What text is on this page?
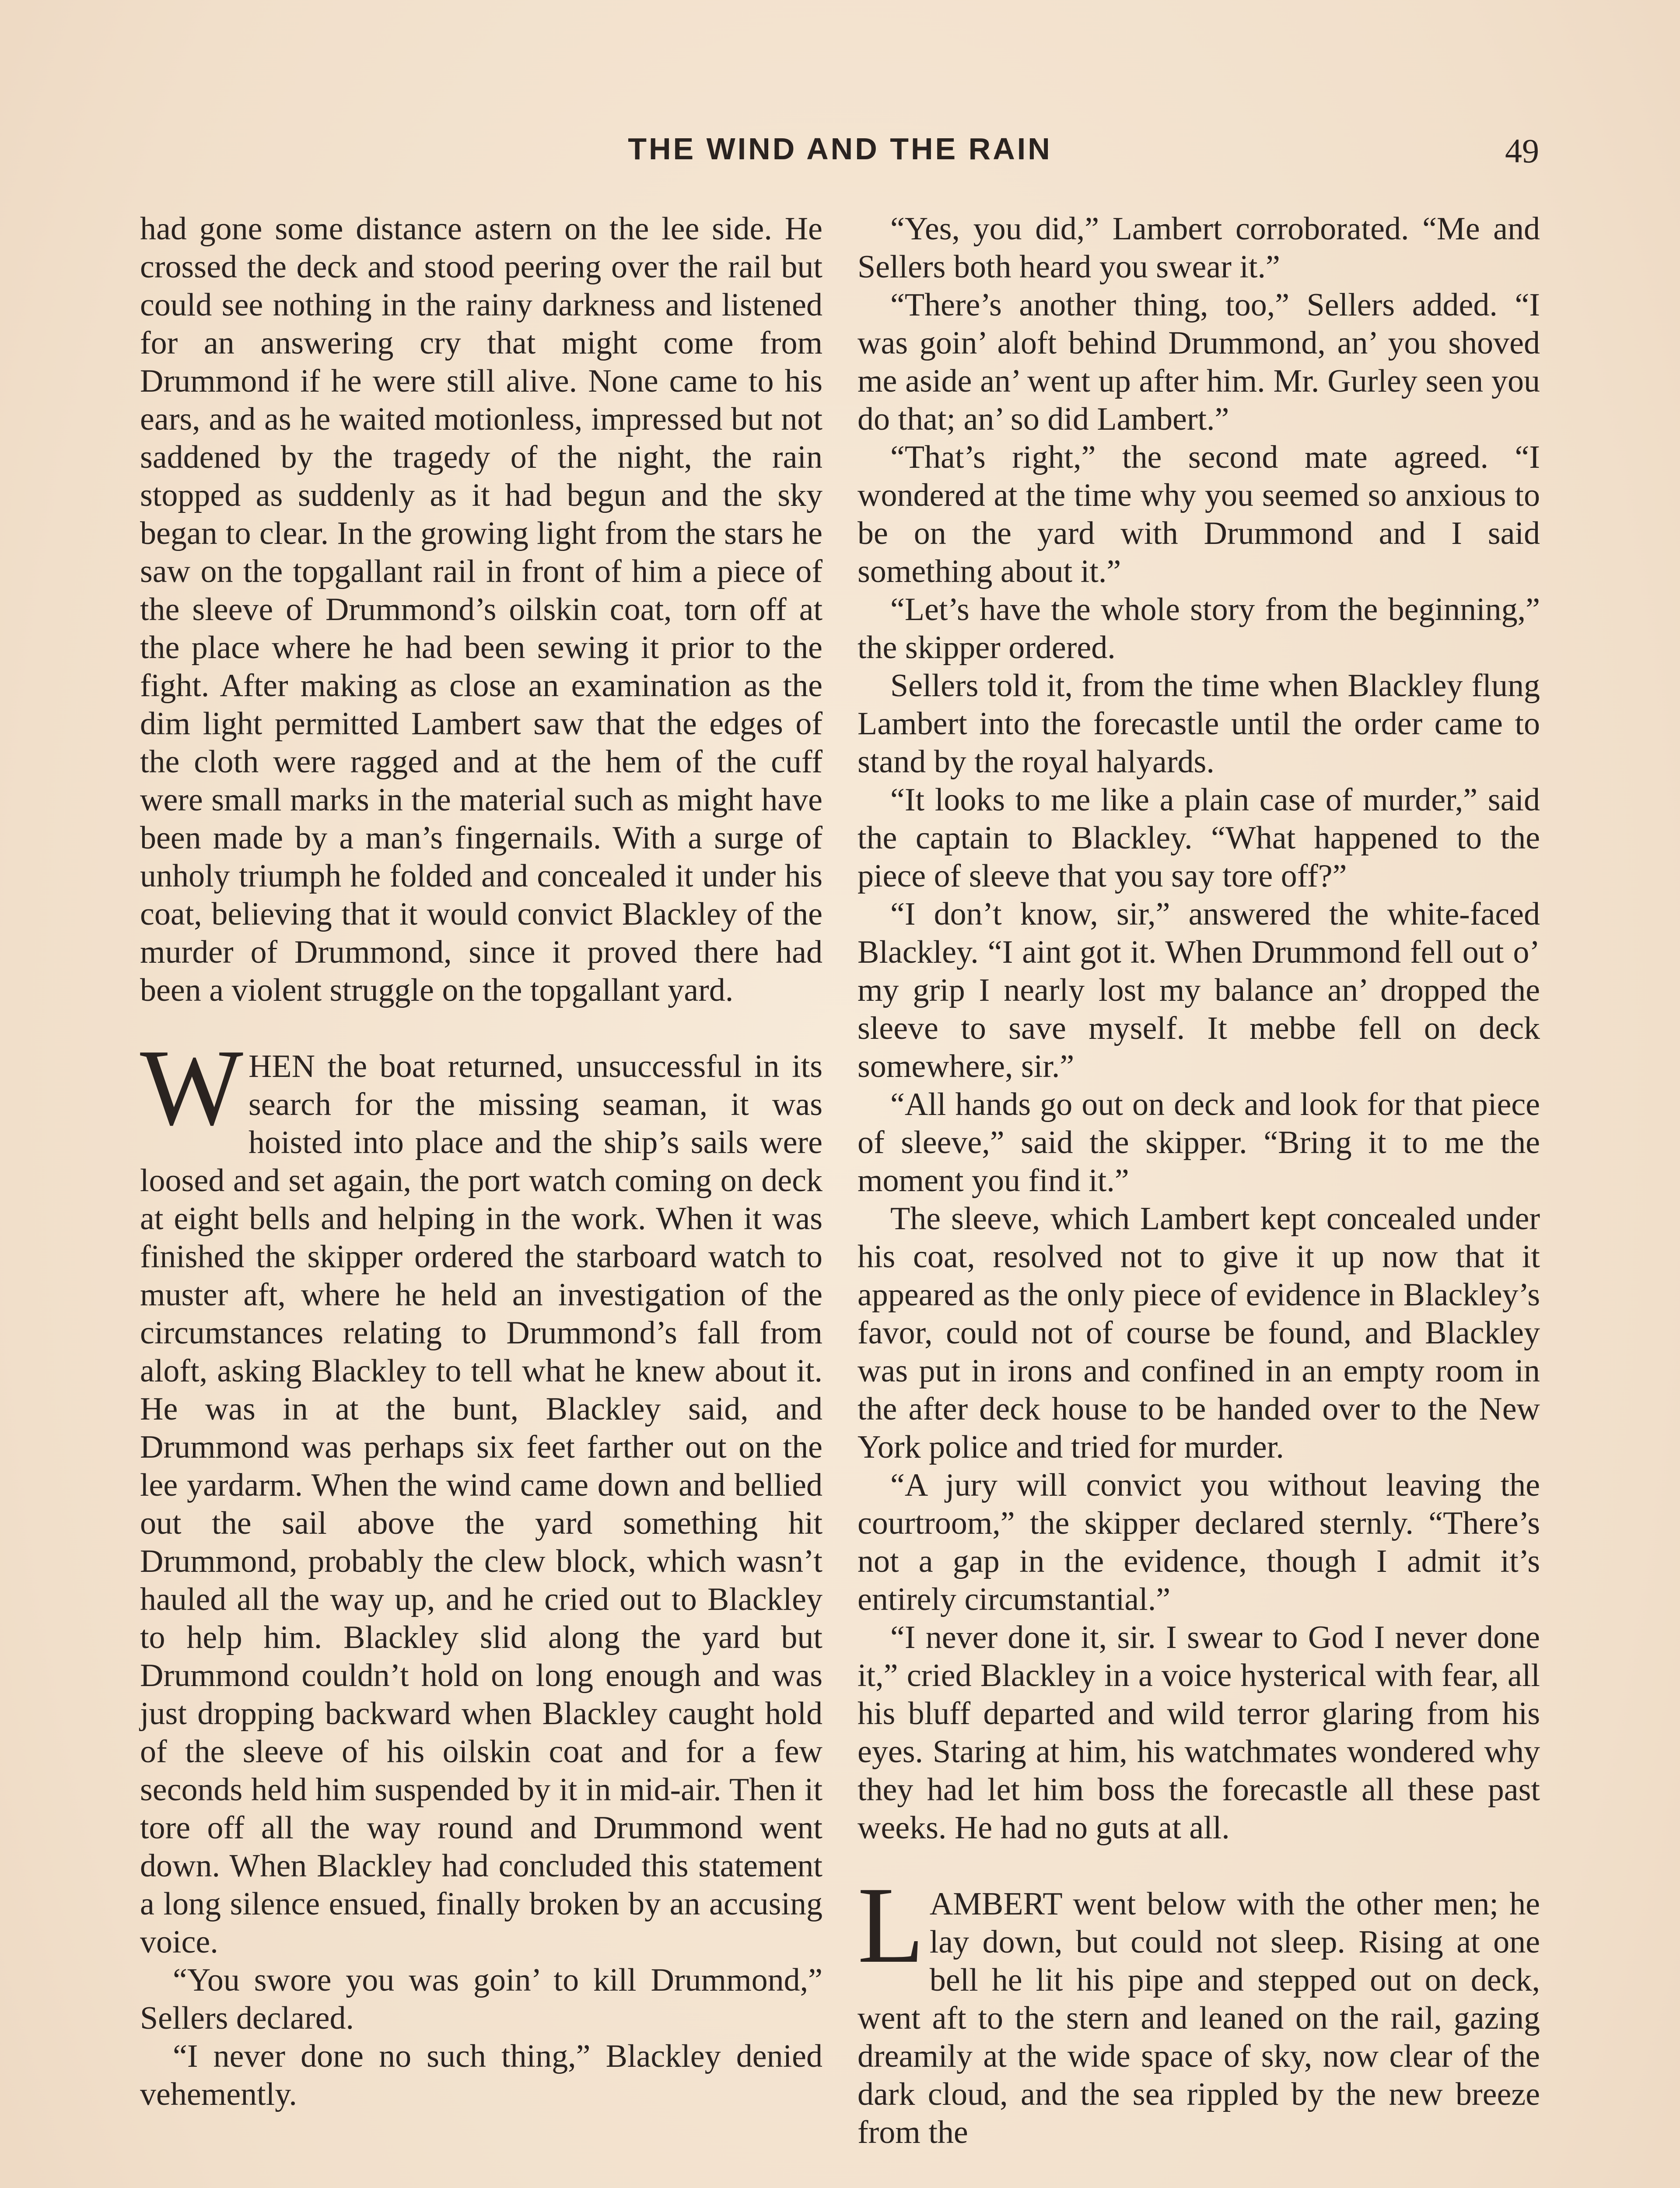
THE WIND AND THE RAIN	49

had gone some distance astern on the lee side. He crossed the deck and stood peering over the rail but could see nothing in the rainy darkness and listened for an answering cry that might come from Drummond if he were still alive. None came to his ears, and as he waited motionless, impressed but not saddened by the tragedy of the night, the rain stopped as suddenly as it had begun and the sky began to clear. In the growing light from the stars he saw on the topgallant rail in front of him a piece of the sleeve of Drummond’s oilskin coat, torn off at the place where he had been sewing it prior to the fight. After making as close an examination as the dim light permitted Lambert saw that the edges of the cloth were ragged and at the hem of the cuff were small marks in the material such as might have been made by a man’s fingernails. With a surge of unholy triumph he folded and concealed it under his coat, believing that it would convict Blackley of the murder of Drummond, since it proved there had been a violent struggle on the topgallant yard.

WHEN the boat returned, unsuccessful in its search for the missing seaman, it was hoisted into place and the ship’s sails were loosed and set again, the port watch coming on deck at eight bells and helping in the work. When it was finished the skipper ordered the starboard watch to muster aft, where he held an investigation of the circumstances relating to Drummond’s fall from aloft, asking Blackley to tell what he knew about it. He was in at the bunt, Blackley said, and Drummond was perhaps six feet farther out on the lee yardarm. When the wind came down and bellied out the sail above the yard something hit Drummond, probably the clew block, which wasn’t hauled all the way up, and he cried out to Blackley to help him. Blackley slid along the yard but Drummond couldn’t hold on long enough and was just dropping backward when Blackley caught hold of the sleeve of his oilskin coat and for a few seconds held him suspended by it in mid-air. Then it tore off all the way round and Drummond went down. When Blackley had concluded this statement a long silence ensued, finally broken by an accusing voice.

“You swore you was goin’ to kill Drummond,” Sellers declared.

“I never done no such thing,” Blackley denied vehemently.

“Yes, you did,” Lambert corroborated. “Me and Sellers both heard you swear it.”

“There’s another thing, too,” Sellers added. “I was goin’ aloft behind Drummond, an’ you shoved me aside an’ went up after him. Mr. Gurley seen you do that; an’ so did Lambert.”

“That’s right,” the second mate agreed. “I wondered at the time why you seemed so anxious to be on the yard with Drummond and I said something about it.”

“Let’s have the whole story from the beginning,” the skipper ordered.

Sellers told it, from the time when Blackley flung Lambert into the forecastle until the order came to stand by the royal halyards.

“It looks to me like a plain case of murder,” said the captain to Blackley. “What happened to the piece of sleeve that you say tore off?”

“I don’t know, sir,” answered the white-faced Blackley. “I aint got it. When Drummond fell out o’ my grip I nearly lost my balance an’ dropped the sleeve to save myself. It mebbe fell on deck somewhere, sir.”

“All hands go out on deck and look for that piece of sleeve,” said the skipper. “Bring it to me the moment you find it.”

The sleeve, which Lambert kept concealed under his coat, resolved not to give it up now that it appeared as the only piece of evidence in Blackley’s favor, could not of course be found, and Blackley was put in irons and confined in an empty room in the after deck house to be handed over to the New York police and tried for murder.

“A jury will convict you without leaving the courtroom,” the skipper declared sternly. “There’s not a gap in the evidence, though I admit it’s entirely circumstantial.”

“I never done it, sir. I swear to God I never done it,” cried Blackley in a voice hysterical with fear, all his bluff departed and wild terror glaring from his eyes. Staring at him, his watchmates wondered why they had let him boss the forecastle all these past weeks. He had no guts at all.

LAMBERT went below with the other men; he lay down, but could not sleep. Rising at one bell he lit his pipe and stepped out on deck, went aft to the stern and leaned on the rail, gazing dreamily at the wide space of sky, now clear of the dark cloud, and the sea rippled by the new breeze from the
